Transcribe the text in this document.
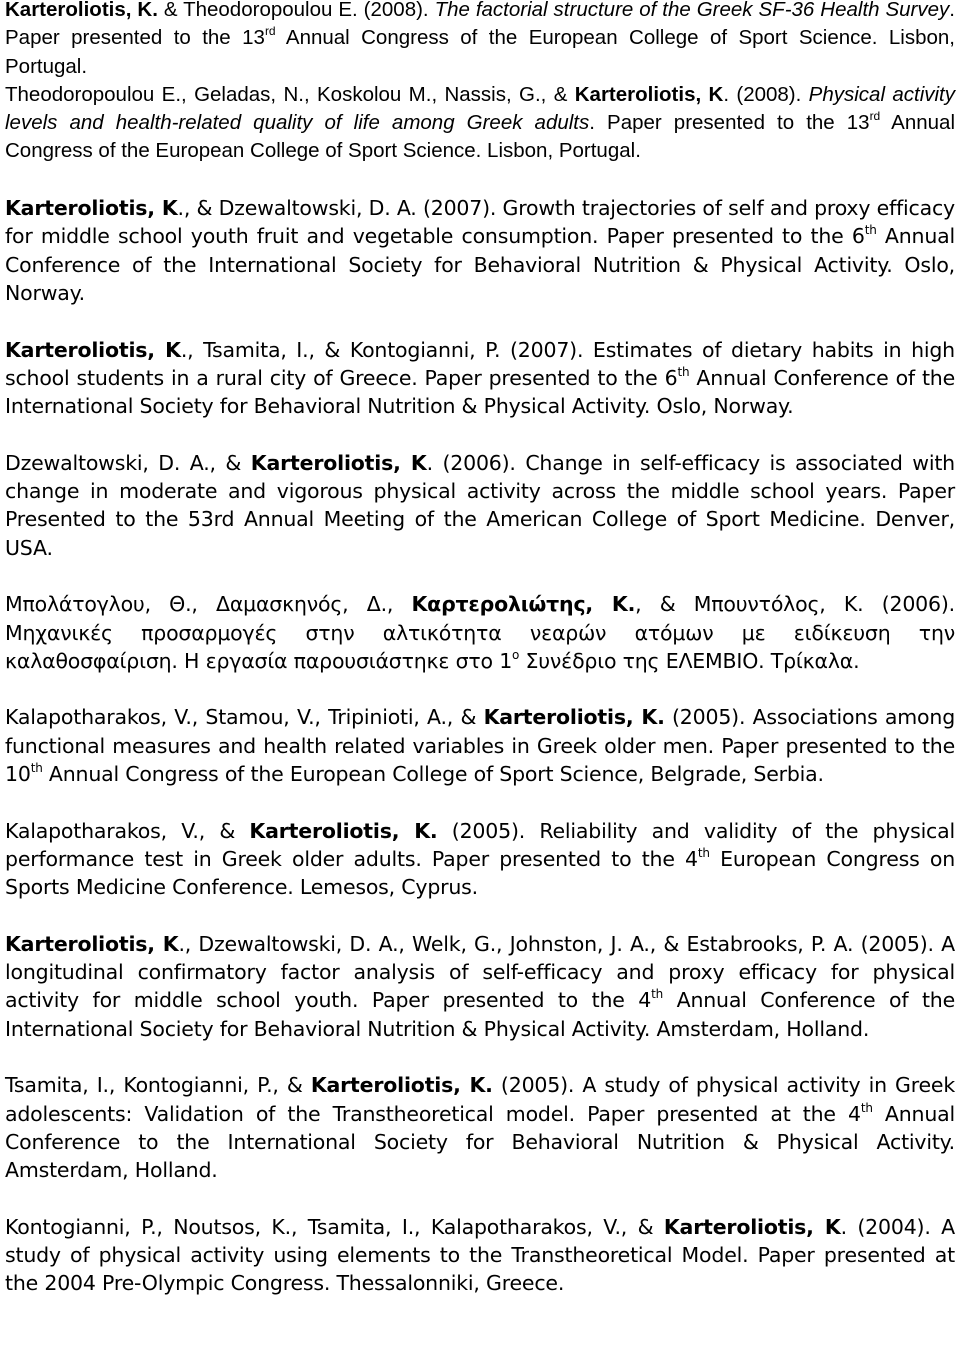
Karteroliotis, K. & Theodoropoulou E. (2008). The factorial structure of the Greek SF-36 Health Survey. Paper presented to the 13rd Annual Congress of the European College of Sport Science. Lisbon, Portugal.

Theodoropoulou E., Geladas, N., Koskolou M., Nassis, G., & Karteroliotis, K. (2008). Physical activity levels and health-related quality of life among Greek adults. Paper presented to the 13rd Annual Congress of the European College of Sport Science. Lisbon, Portugal.

Karteroliotis, K., & Dzewaltowski, D. A. (2007). Growth trajectories of self and proxy efficacy for middle school youth fruit and vegetable consumption. Paper presented to the 6th Annual Conference of the International Society for Behavioral Nutrition & Physical Activity. Oslo, Norway.

Karteroliotis, K., Tsamita, I., & Kontogianni, P. (2007). Estimates of dietary habits in high school students in a rural city of Greece. Paper presented to the 6th Annual Conference of the International Society for Behavioral Nutrition & Physical Activity. Oslo, Norway.

Dzewaltowski, D. A., & Karteroliotis, K. (2006). Change in self-efficacy is associated with change in moderate and vigorous physical activity across the middle school years. Paper Presented to the 53rd Annual Meeting of the American College of Sport Medicine. Denver, USA.

Μπολάτογλου, Θ., Δαμασκηνός, Δ., Καρτερολιώτης, Κ., & Μπουντόλος, Κ. (2006). Μηχανικές προσαρμογές στην αλτικότητα νεαρών ατόμων με ειδίκευση την καλαθοσφαίριση. Η εργασία παρουσιάστηκε στο $1^o$ Συνέδριο της ΕΛΕΜΒΙΟ. Τρίκαλα.

Kalapotharakos, V., Stamou, V., Tripinioti, A., & Karteroliotis, K. (2005). Associations among functional measures and health related variables in Greek older men. Paper presented to the 10th Annual Congress of the European College of Sport Science, Belgrade, Serbia.

Kalapotharakos, V., & Karteroliotis, K. (2005). Reliability and validity of the physical performance test in Greek older adults. Paper presented to the 4th European Congress on Sports Medicine Conference. Lemesos, Cyprus.

Karteroliotis, K., Dzewaltowski, D. A., Welk, G., Johnston, J. A., & Estabrooks, P. A. (2005). A longitudinal confirmatory factor analysis of self-efficacy and proxy efficacy for physical activity for middle school youth. Paper presented to the 4th Annual Conference of the International Society for Behavioral Nutrition & Physical Activity. Amsterdam, Holland.

Tsamita, I., Kontogianni, P., & Karteroliotis, K. (2005). A study of physical activity in Greek adolescents: Validation of the Transtheoretical model. Paper presented at the 4th Annual Conference to the International Society for Behavioral Nutrition & Physical Activity. Amsterdam, Holland.

Kontogianni, P., Noutsos, K., Tsamita, I., Kalapotharakos, V., & Karteroliotis, K. (2004). A study of physical activity using elements to the Transtheoretical Model. Paper presented at the 2004 Pre-Olympic Congress. Thessalonniki, Greece.
